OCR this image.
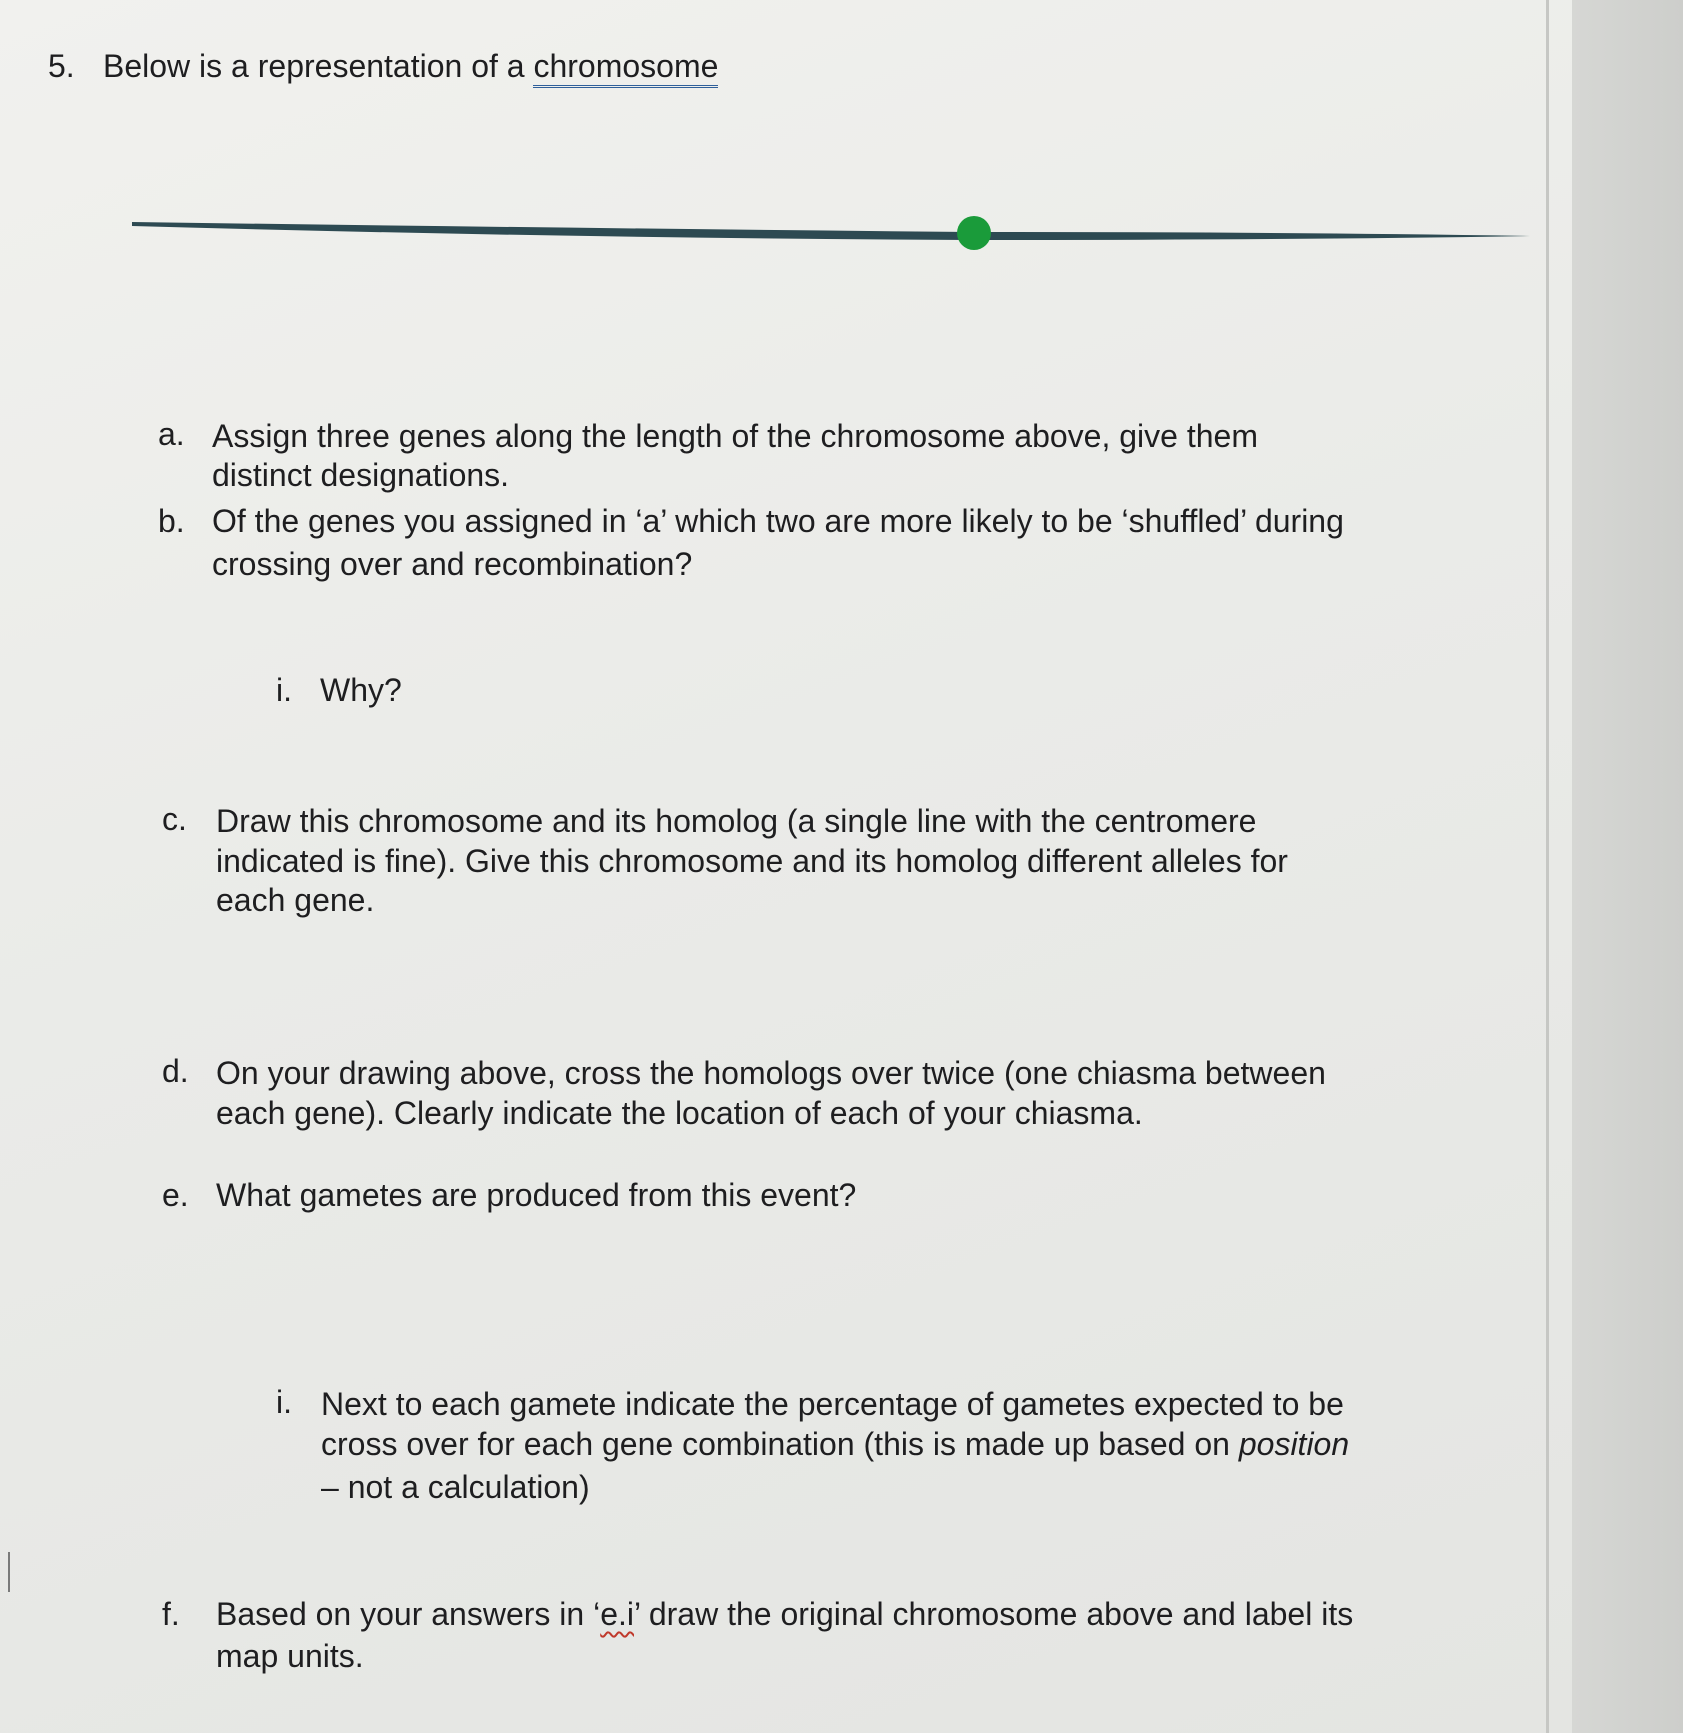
5. Below is a representation of a chromosome
a. Assign three genes along the length of the chromosome above, give them
distinct designations.
b. Of the genes you assigned in ‘a’ which two are more likely to be ‘shuffled’ during
crossing over and recombination?
i. Why?
c. Draw this chromosome and its homolog (a single line with the centromere
indicated is fine). Give this chromosome and its homolog different alleles for
each gene.
d. On your drawing above, cross the homologs over twice (one chiasma between
each gene). Clearly indicate the location of each of your chiasma.
e. What gametes are produced from this event?
i. Next to each gamete indicate the percentage of gametes expected to be
cross over for each gene combination (this is made up based on position
– not a calculation)
f. Based on your answers in ‘e.i’ draw the original chromosome above and label its
map units.
